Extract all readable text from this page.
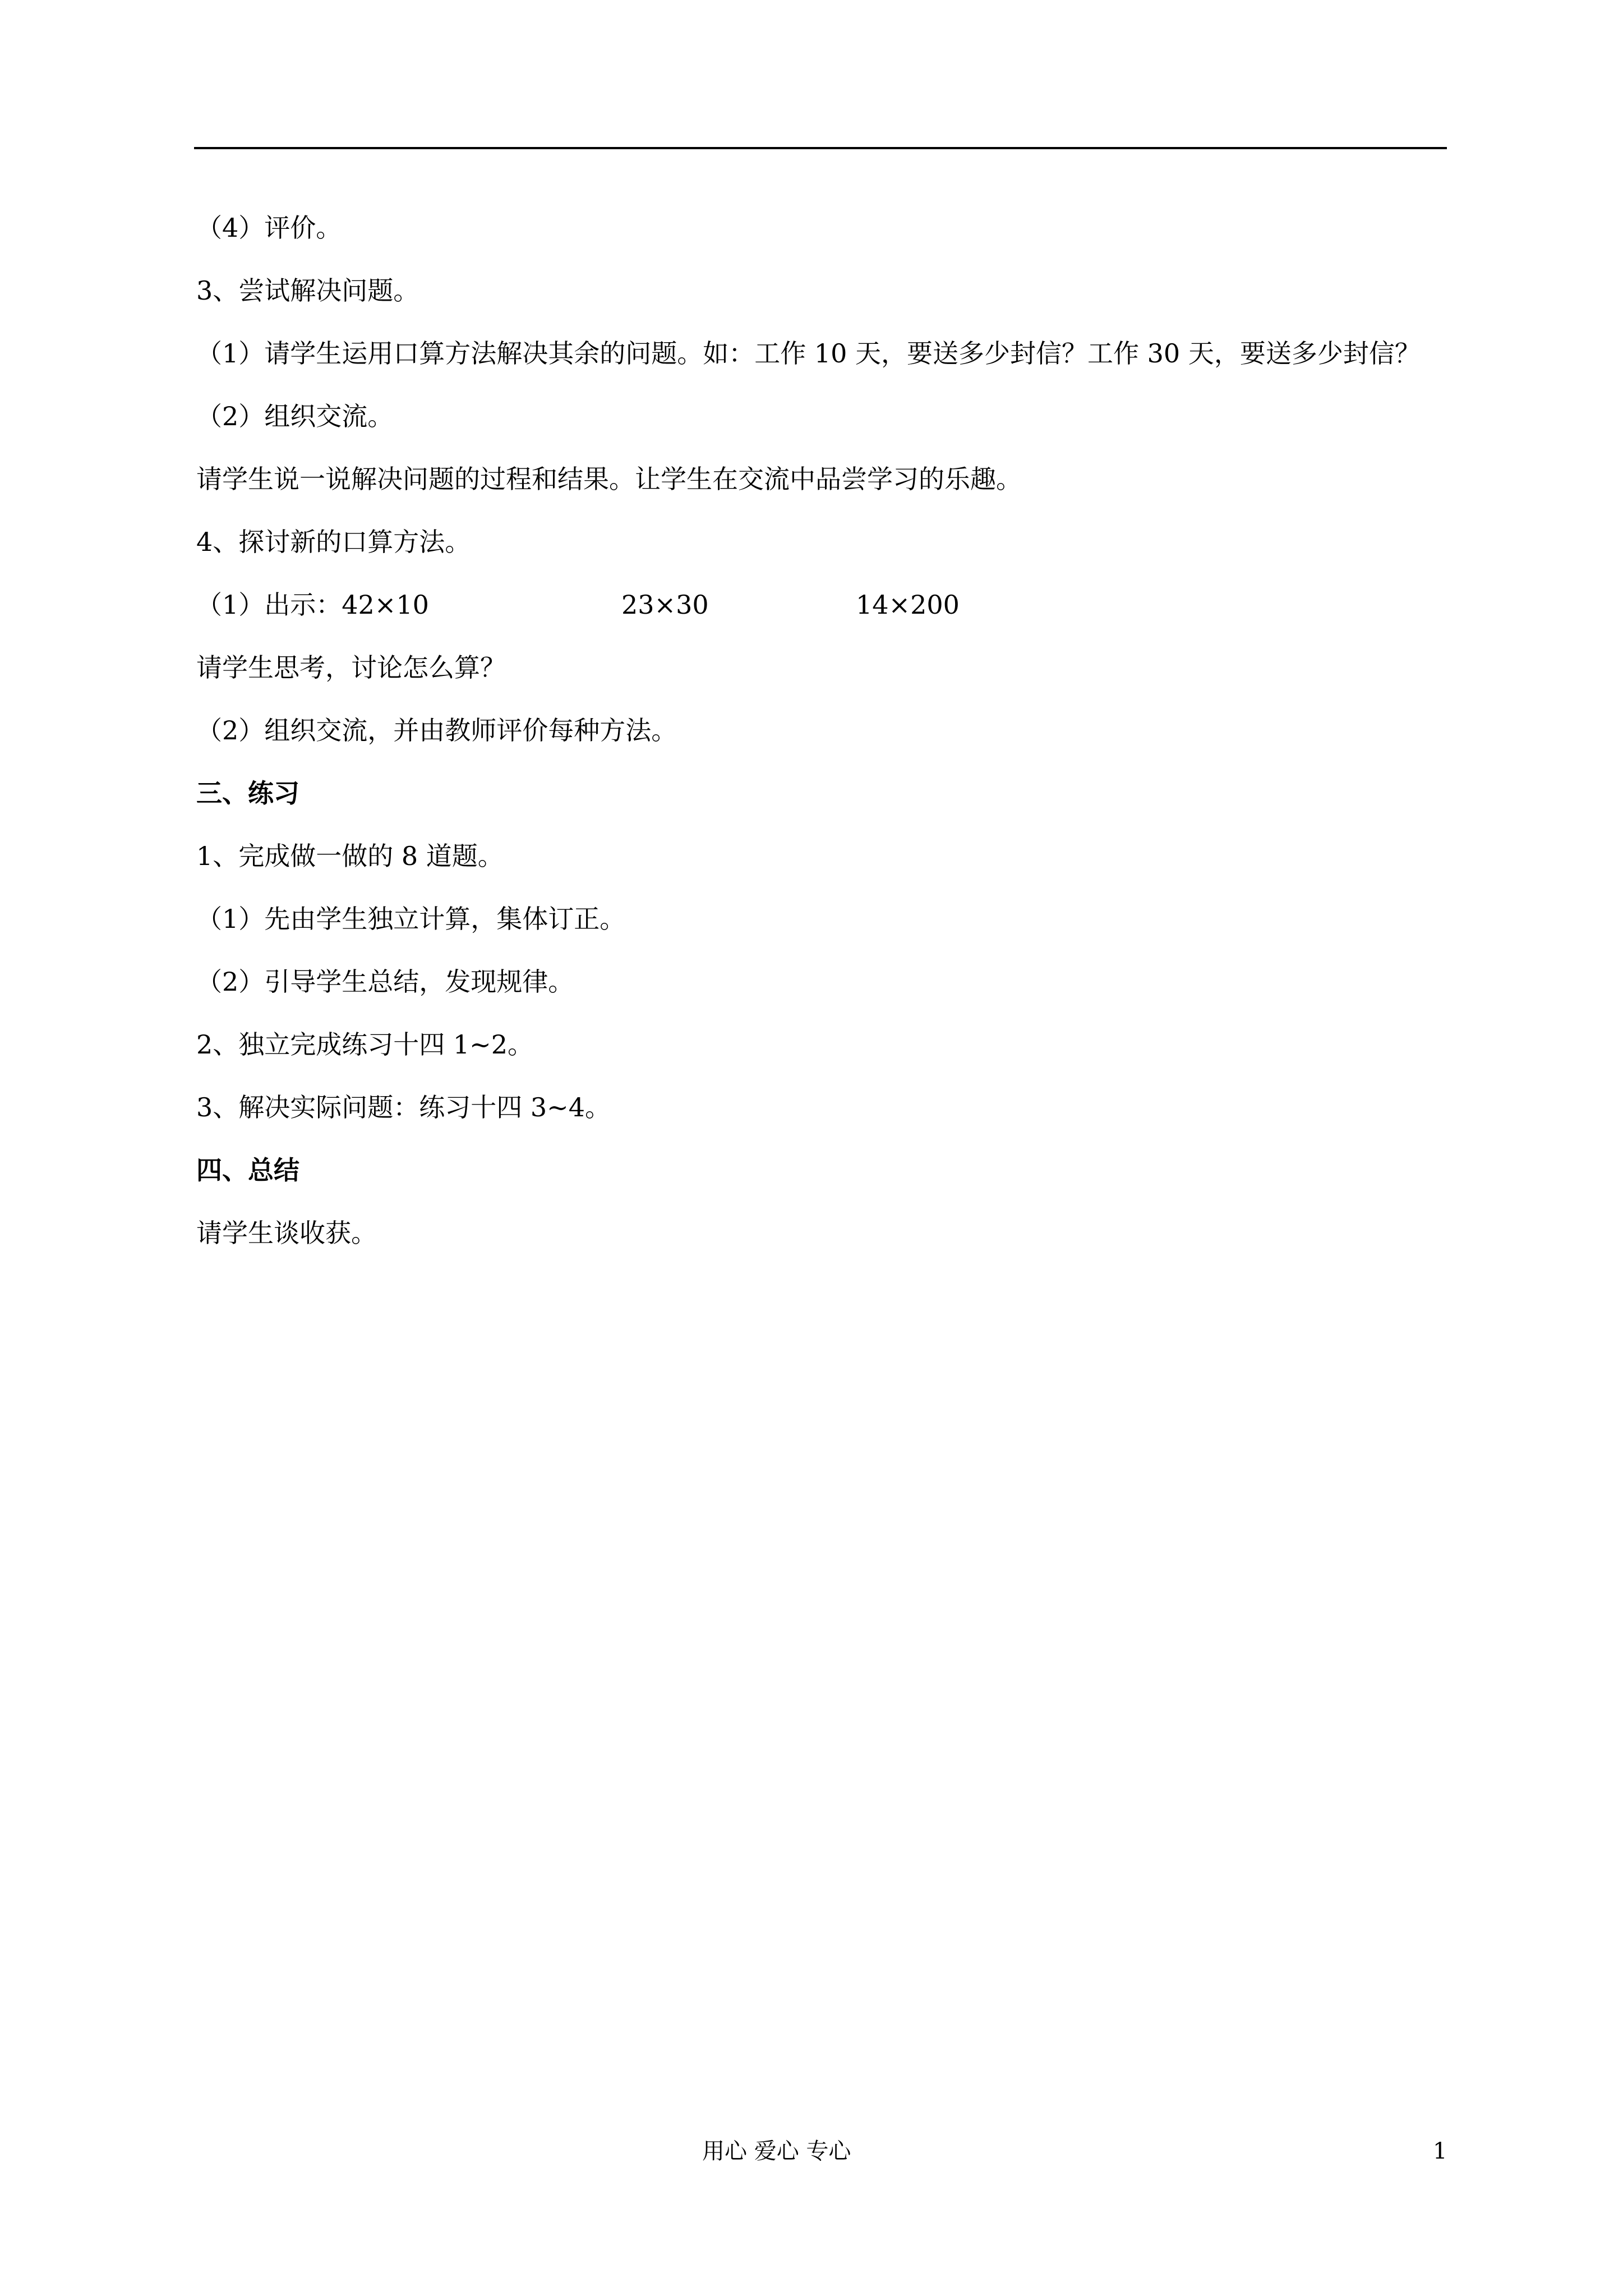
（4）评价。

3、尝试解决问题。

（1）请学生运用口算方法解决其余的问题。如：工作 10 天，要送多少封信？工作 30 天，要送多少封信？

（2）组织交流。

请学生说一说解决问题的过程和结果。让学生在交流中品尝学习的乐趣。

4、探讨新的口算方法。

（1）出示：42×10	23×30	14×200

请学生思考，讨论怎么算？

（2）组织交流，并由教师评价每种方法。

三、练习

1、完成做一做的 8 道题。

（1）先由学生独立计算，集体订正。

（2）引导学生总结，发现规律。

2、独立完成练习十四 1~2。

3、解决实际问题：练习十四 3~4。

四、总结

请学生谈收获。

用心 爱心 专心	1
